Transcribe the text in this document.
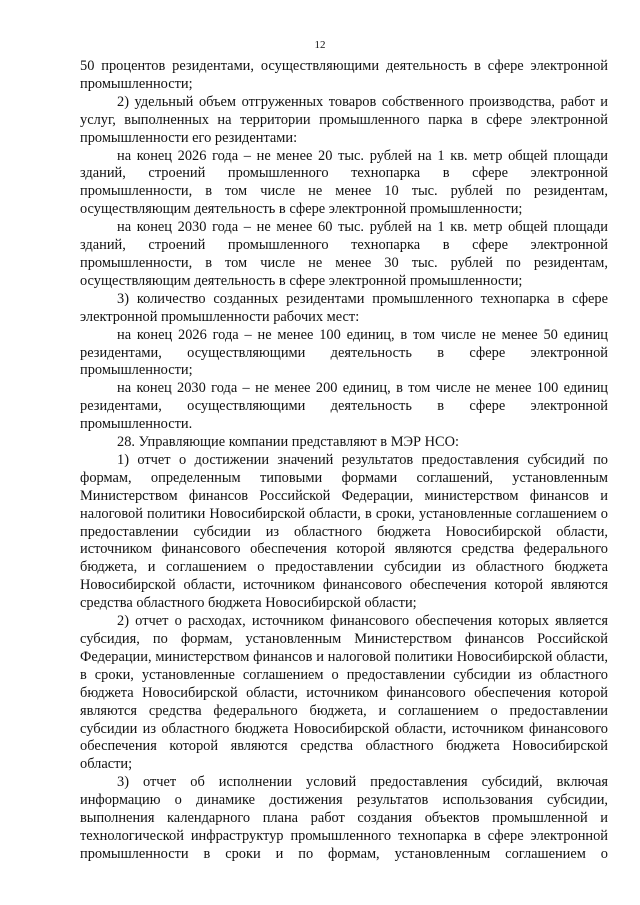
12

50 процентов резидентами, осуществляющими деятельность в сфере электронной промышленности;

2) удельный объем отгруженных товаров собственного производства, работ и услуг, выполненных на территории промышленного парка в сфере электронной промышленности его резидентами:

на конец 2026 года – не менее 20 тыс. рублей на 1 кв. метр общей площади зданий, строений промышленного технопарка в сфере электронной промышленности, в том числе не менее 10 тыс. рублей по резидентам, осуществляющим деятельность в сфере электронной промышленности;

на конец 2030 года – не менее 60 тыс. рублей на 1 кв. метр общей площади зданий, строений промышленного технопарка в сфере электронной промышленности, в том числе не менее 30 тыс. рублей по резидентам, осуществляющим деятельность в сфере электронной промышленности;

3) количество созданных резидентами промышленного технопарка в сфере электронной промышленности рабочих мест:

на конец 2026 года – не менее 100 единиц, в том числе не менее 50 единиц резидентами, осуществляющими деятельность в сфере электронной промышленности;

на конец 2030 года – не менее 200 единиц, в том числе не менее 100 единиц резидентами, осуществляющими деятельность в сфере электронной промышленности.

28. Управляющие компании представляют в МЭР НСО:

1) отчет о достижении значений результатов предоставления субсидий по формам, определенным типовыми формами соглашений, установленным Министерством финансов Российской Федерации, министерством финансов и налоговой политики Новосибирской области, в сроки, установленные соглашением о предоставлении субсидии из областного бюджета Новосибирской области, источником финансового обеспечения которой являются средства федерального бюджета, и соглашением о предоставлении субсидии из областного бюджета Новосибирской области, источником финансового обеспечения которой являются средства областного бюджета Новосибирской области;

2) отчет о расходах, источником финансового обеспечения которых является субсидия, по формам, установленным Министерством финансов Российской Федерации, министерством финансов и налоговой политики Новосибирской области, в сроки, установленные соглашением о предоставлении субсидии из областного бюджета Новосибирской области, источником финансового обеспечения которой являются средства федерального бюджета, и соглашением о предоставлении субсидии из областного бюджета Новосибирской области, источником финансового обеспечения которой являются средства областного бюджета Новосибирской области;

3) отчет об исполнении условий предоставления субсидий, включая информацию о динамике достижения результатов использования субсидии, выполнения календарного плана работ создания объектов промышленной и технологической инфраструктур промышленного технопарка в сфере электронной промышленности в сроки и по формам, установленным соглашением о
